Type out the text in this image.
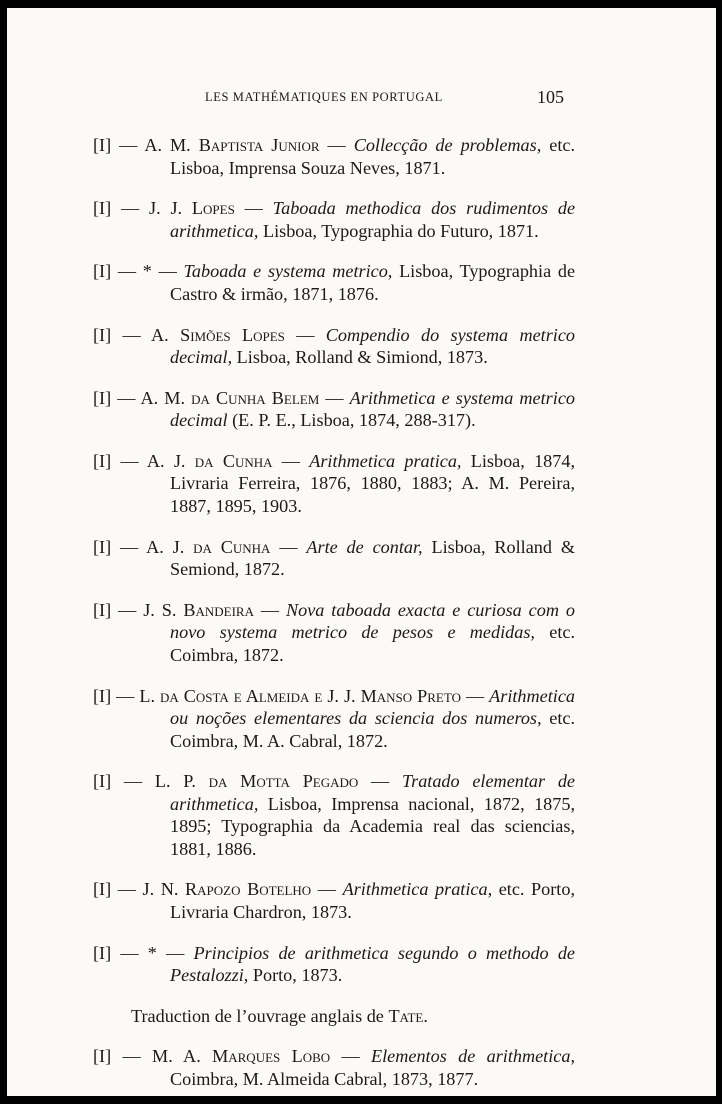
LES MATHÉMATIQUES EN PORTUGAL	105

[I] — A. M. Baptista Junior — Collecção de problemas, etc. Lisboa, Imprensa Souza Neves, 1871.

[I] — J. J. Lopes — Taboada methodica dos rudimentos de arithmetica, Lisboa, Typographia do Futuro, 1871.

[I] — * — Taboada e systema metrico, Lisboa, Typographia de Castro & irmão, 1871, 1876.

[I] — A. Simões Lopes — Compendio do systema metrico decimal, Lisboa, Rolland & Simiond, 1873.

[I] — A. M. da Cunha Belem — Arithmetica e systema metrico decimal (E. P. E., Lisboa, 1874, 288-317).

[I] — A. J. da Cunha — Arithmetica pratica, Lisboa, 1874, Livraria Ferreira, 1876, 1880, 1883; A. M. Pereira, 1887, 1895, 1903.

[I] — A. J. da Cunha — Arte de contar, Lisboa, Rolland & Semiond, 1872.

[I] — J. S. Bandeira — Nova taboada exacta e curiosa com o novo systema metrico de pesos e medidas, etc. Coimbra, 1872.

[I] — L. da Costa e Almeida e J. J. Manso Preto — Arithmetica ou noções elementares da sciencia dos numeros, etc. Coimbra, M. A. Cabral, 1872.

[I] — L. P. da Motta Pegado — Tratado elementar de arithmetica, Lisboa, Imprensa nacional, 1872, 1875, 1895; Typographia da Academia real das sciencias, 1881, 1886.

[I] — J. N. Rapozo Botelho — Arithmetica pratica, etc. Porto, Livraria Chardron, 1873.

[I] — * — Principios de arithmetica segundo o methodo de Pestalozzi, Porto, 1873.

Traduction de l’ouvrage anglais de Tate.

[I] — M. A. Marques Lobo — Elementos de arithmetica, Coimbra, M. Almeida Cabral, 1873, 1877.
